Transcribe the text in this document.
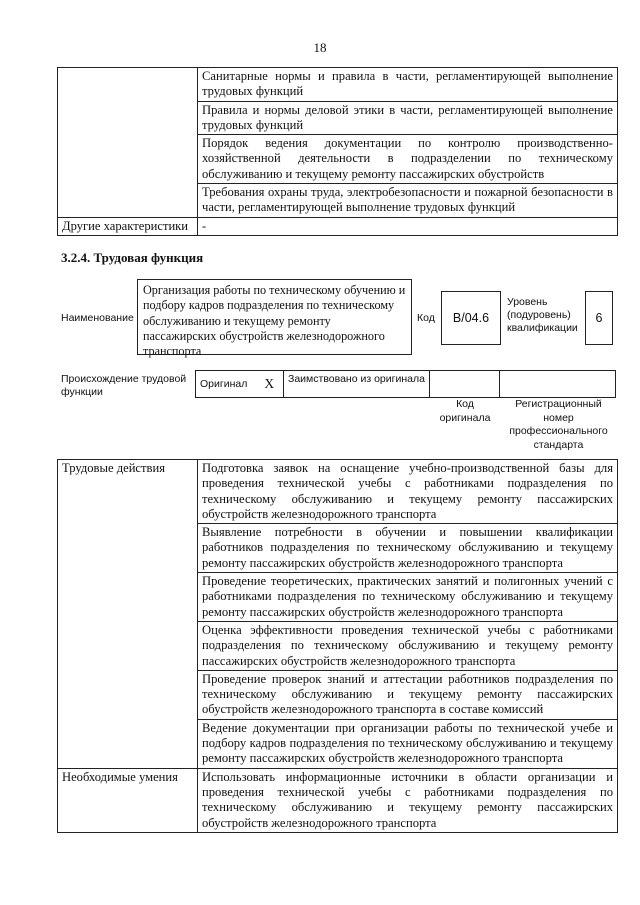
18
	Санитарные нормы и правила в части, регламентирующей выполнение трудовых функций
	Правила и нормы деловой этики в части, регламентирующей выполнение трудовых функций
	Порядок ведения документации по контролю производственно-хозяйственной деятельности в подразделении по техническому обслуживанию и текущему ремонту пассажирских обустройств
	Требования охраны труда, электробезопасности и пожарной безопасности в части, регламентирующей выполнение трудовых функций
Другие характеристики	-
3.2.4. Трудовая функция
Наименование
Организация работы по техническому обучению и подбору кадров подразделения по техническому обслуживанию и текущему ремонту пассажирских обустройств железнодорожного транспорта
Код	B/04.6
Уровень (подуровень) квалификации
6
Происхождение трудовой функции
Оригинал	X	Заимствовано из оригинала		
Код оригинала
Регистрационный номер профессионального стандарта
Трудовые действия	Подготовка заявок на оснащение учебно-производственной базы для проведения технической учебы с работниками подразделения по техническому обслуживанию и текущему ремонту пассажирских обустройств железнодорожного транспорта
	Выявление потребности в обучении и повышении квалификации работников подразделения по техническому обслуживанию и текущему ремонту пассажирских обустройств железнодорожного транспорта
	Проведение теоретических, практических занятий и полигонных учений с работниками подразделения по техническому обслуживанию и текущему ремонту пассажирских обустройств железнодорожного транспорта
	Оценка эффективности проведения технической учебы с работниками подразделения по техническому обслуживанию и текущему ремонту пассажирских обустройств железнодорожного транспорта
	Проведение проверок знаний и аттестации работников подразделения по техническому обслуживанию и текущему ремонту пассажирских обустройств железнодорожного транспорта в составе комиссий
	Ведение документации при организации работы по технической учебе и подбору кадров подразделения по техническому обслуживанию и текущему ремонту пассажирских обустройств железнодорожного транспорта
Необходимые умения	Использовать информационные источники в области организации и проведения технической учебы с работниками подразделения по техническому обслуживанию и текущему ремонту пассажирских обустройств железнодорожного транспорта
